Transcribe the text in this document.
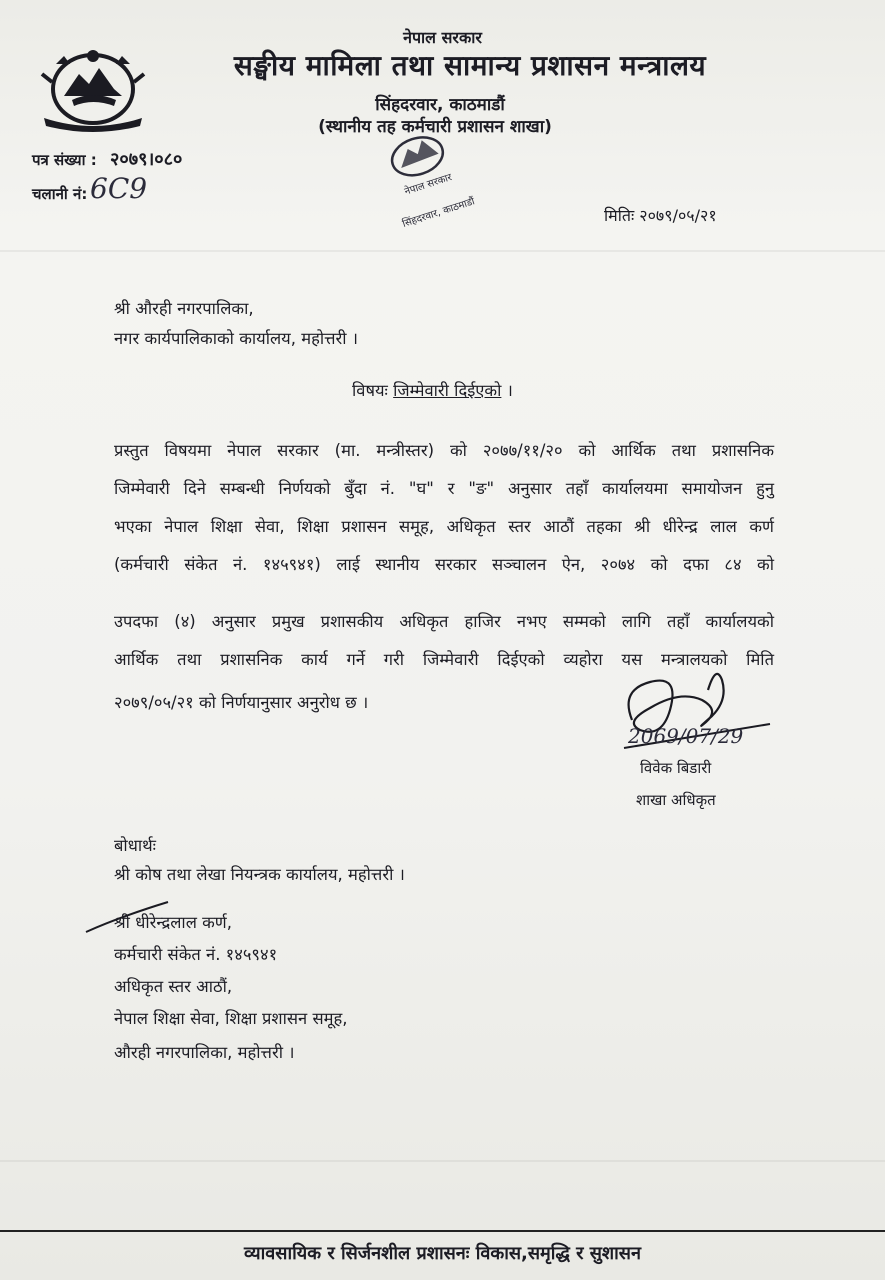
नेपाल सरकार
सङ्घीय मामिला तथा सामान्य प्रशासन मन्त्रालय
सिंहदरवार, काठमाडौं
(स्थानीय तह कर्मचारी प्रशासन शाखा)
नेपाल सरकार
सिंहदरवार, काठमाडौं
पत्र संख्या : २०७९।०८०
चलानी नं: 6C9
मितिः २०७९/०५/२१
श्री औरही नगरपालिका,
नगर कार्यपालिकाको कार्यालय, महोत्तरी ।
विषयः जिम्मेवारी दिईएको ।
प्रस्तुत विषयमा नेपाल सरकार (मा. मन्त्रीस्तर) को २०७७/११/२० को आर्थिक तथा प्रशासनिक
जिम्मेवारी दिने सम्बन्धी निर्णयको बुँदा नं. "घ" र "ङ" अनुसार तहाँ कार्यालयमा समायोजन हुनु
भएका नेपाल शिक्षा सेवा, शिक्षा प्रशासन समूह, अधिकृत स्तर आठौं तहका श्री धीरेन्द्र लाल कर्ण
(कर्मचारी संकेत नं. १४५९४१) लाई स्थानीय सरकार सञ्चालन ऐन, २०७४ को दफा ८४ को
उपदफा (४) अनुसार प्रमुख प्रशासकीय अधिकृत हाजिर नभए सम्मको लागि तहाँ कार्यालयको
आर्थिक तथा प्रशासनिक कार्य गर्ने गरी जिम्मेवारी दिईएको व्यहोरा यस मन्त्रालयको मिति
२०७९/०५/२१ को निर्णयानुसार अनुरोध छ ।
2069/07/29
विवेक बिडारी
शाखा अधिकृत
बोधार्थः
श्री कोष तथा लेखा नियन्त्रक कार्यालय, महोत्तरी ।
श्री धीरेन्द्रलाल कर्ण,
कर्मचारी संकेत नं. १४५९४१
अधिकृत स्तर आठौं,
नेपाल शिक्षा सेवा, शिक्षा प्रशासन समूह,
औरही नगरपालिका, महोत्तरी ।
व्यावसायिक र सिर्जनशील प्रशासनः विकास,समृद्धि र सुशासन
